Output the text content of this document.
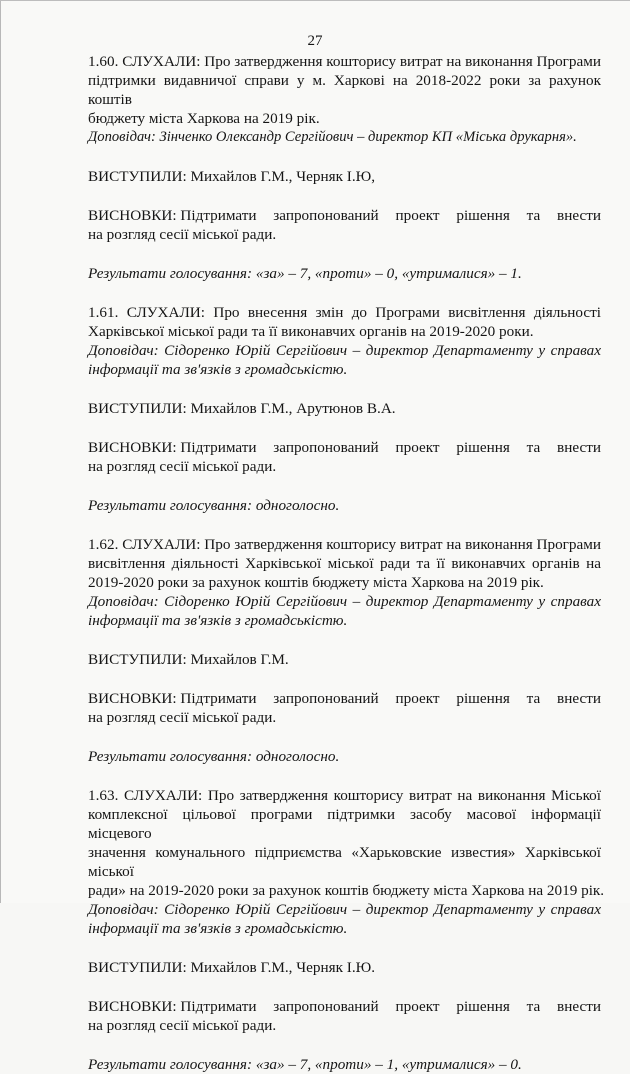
27
1.60. СЛУХАЛИ: Про затвердження кошторису витрат на виконання Програми
підтримки видавничої справи у м. Харкові на 2018-2022 роки за рахунок коштів
бюджету міста Харкова на 2019 рік.
Доповідач: Зінченко Олександр Сергійович – директор КП «Міська друкарня».
ВИСТУПИЛИ: Михайлов Г.М., Черняк І.Ю,
ВИСНОВКИ: Підтримати запропонований проект рішення та внести
на розгляд сесії міської ради.
Результати голосування: «за» – 7, «проти» – 0, «утрималися» – 1.
1.61. СЛУХАЛИ: Про внесення змін до Програми висвітлення діяльності
Харківської міської ради та її виконавчих органів на 2019-2020 роки.
Доповідач: Сідоренко Юрій Сергійович – директор Департаменту у справах
інформації та зв'язків з громадськістю.
ВИСТУПИЛИ: Михайлов Г.М., Арутюнов В.А.
ВИСНОВКИ: Підтримати запропонований проект рішення та внести
на розгляд сесії міської ради.
Результати голосування: одноголосно.
1.62. СЛУХАЛИ: Про затвердження кошторису витрат на виконання Програми
висвітлення діяльності Харківської міської ради та її виконавчих органів на
2019-2020 роки за рахунок коштів бюджету міста Харкова на 2019 рік.
Доповідач: Сідоренко Юрій Сергійович – директор Департаменту у справах
інформації та зв'язків з громадськістю.
ВИСТУПИЛИ: Михайлов Г.М.
ВИСНОВКИ: Підтримати запропонований проект рішення та внести
на розгляд сесії міської ради.
Результати голосування: одноголосно.
1.63. СЛУХАЛИ: Про затвердження кошторису витрат на виконання Міської
комплексної цільової програми підтримки засобу масової інформації місцевого
значення комунального підприємства «Харьковские известия» Харківської міської
ради» на 2019-2020 роки за рахунок коштів бюджету міста Харкова на 2019 рік.
Доповідач: Сідоренко Юрій Сергійович – директор Департаменту у справах
інформації та зв'язків з громадськістю.
ВИСТУПИЛИ: Михайлов Г.М., Черняк І.Ю.
ВИСНОВКИ: Підтримати запропонований проект рішення та внести
на розгляд сесії міської ради.
Результати голосування: «за» – 7, «проти» – 1, «утрималися» – 0.
